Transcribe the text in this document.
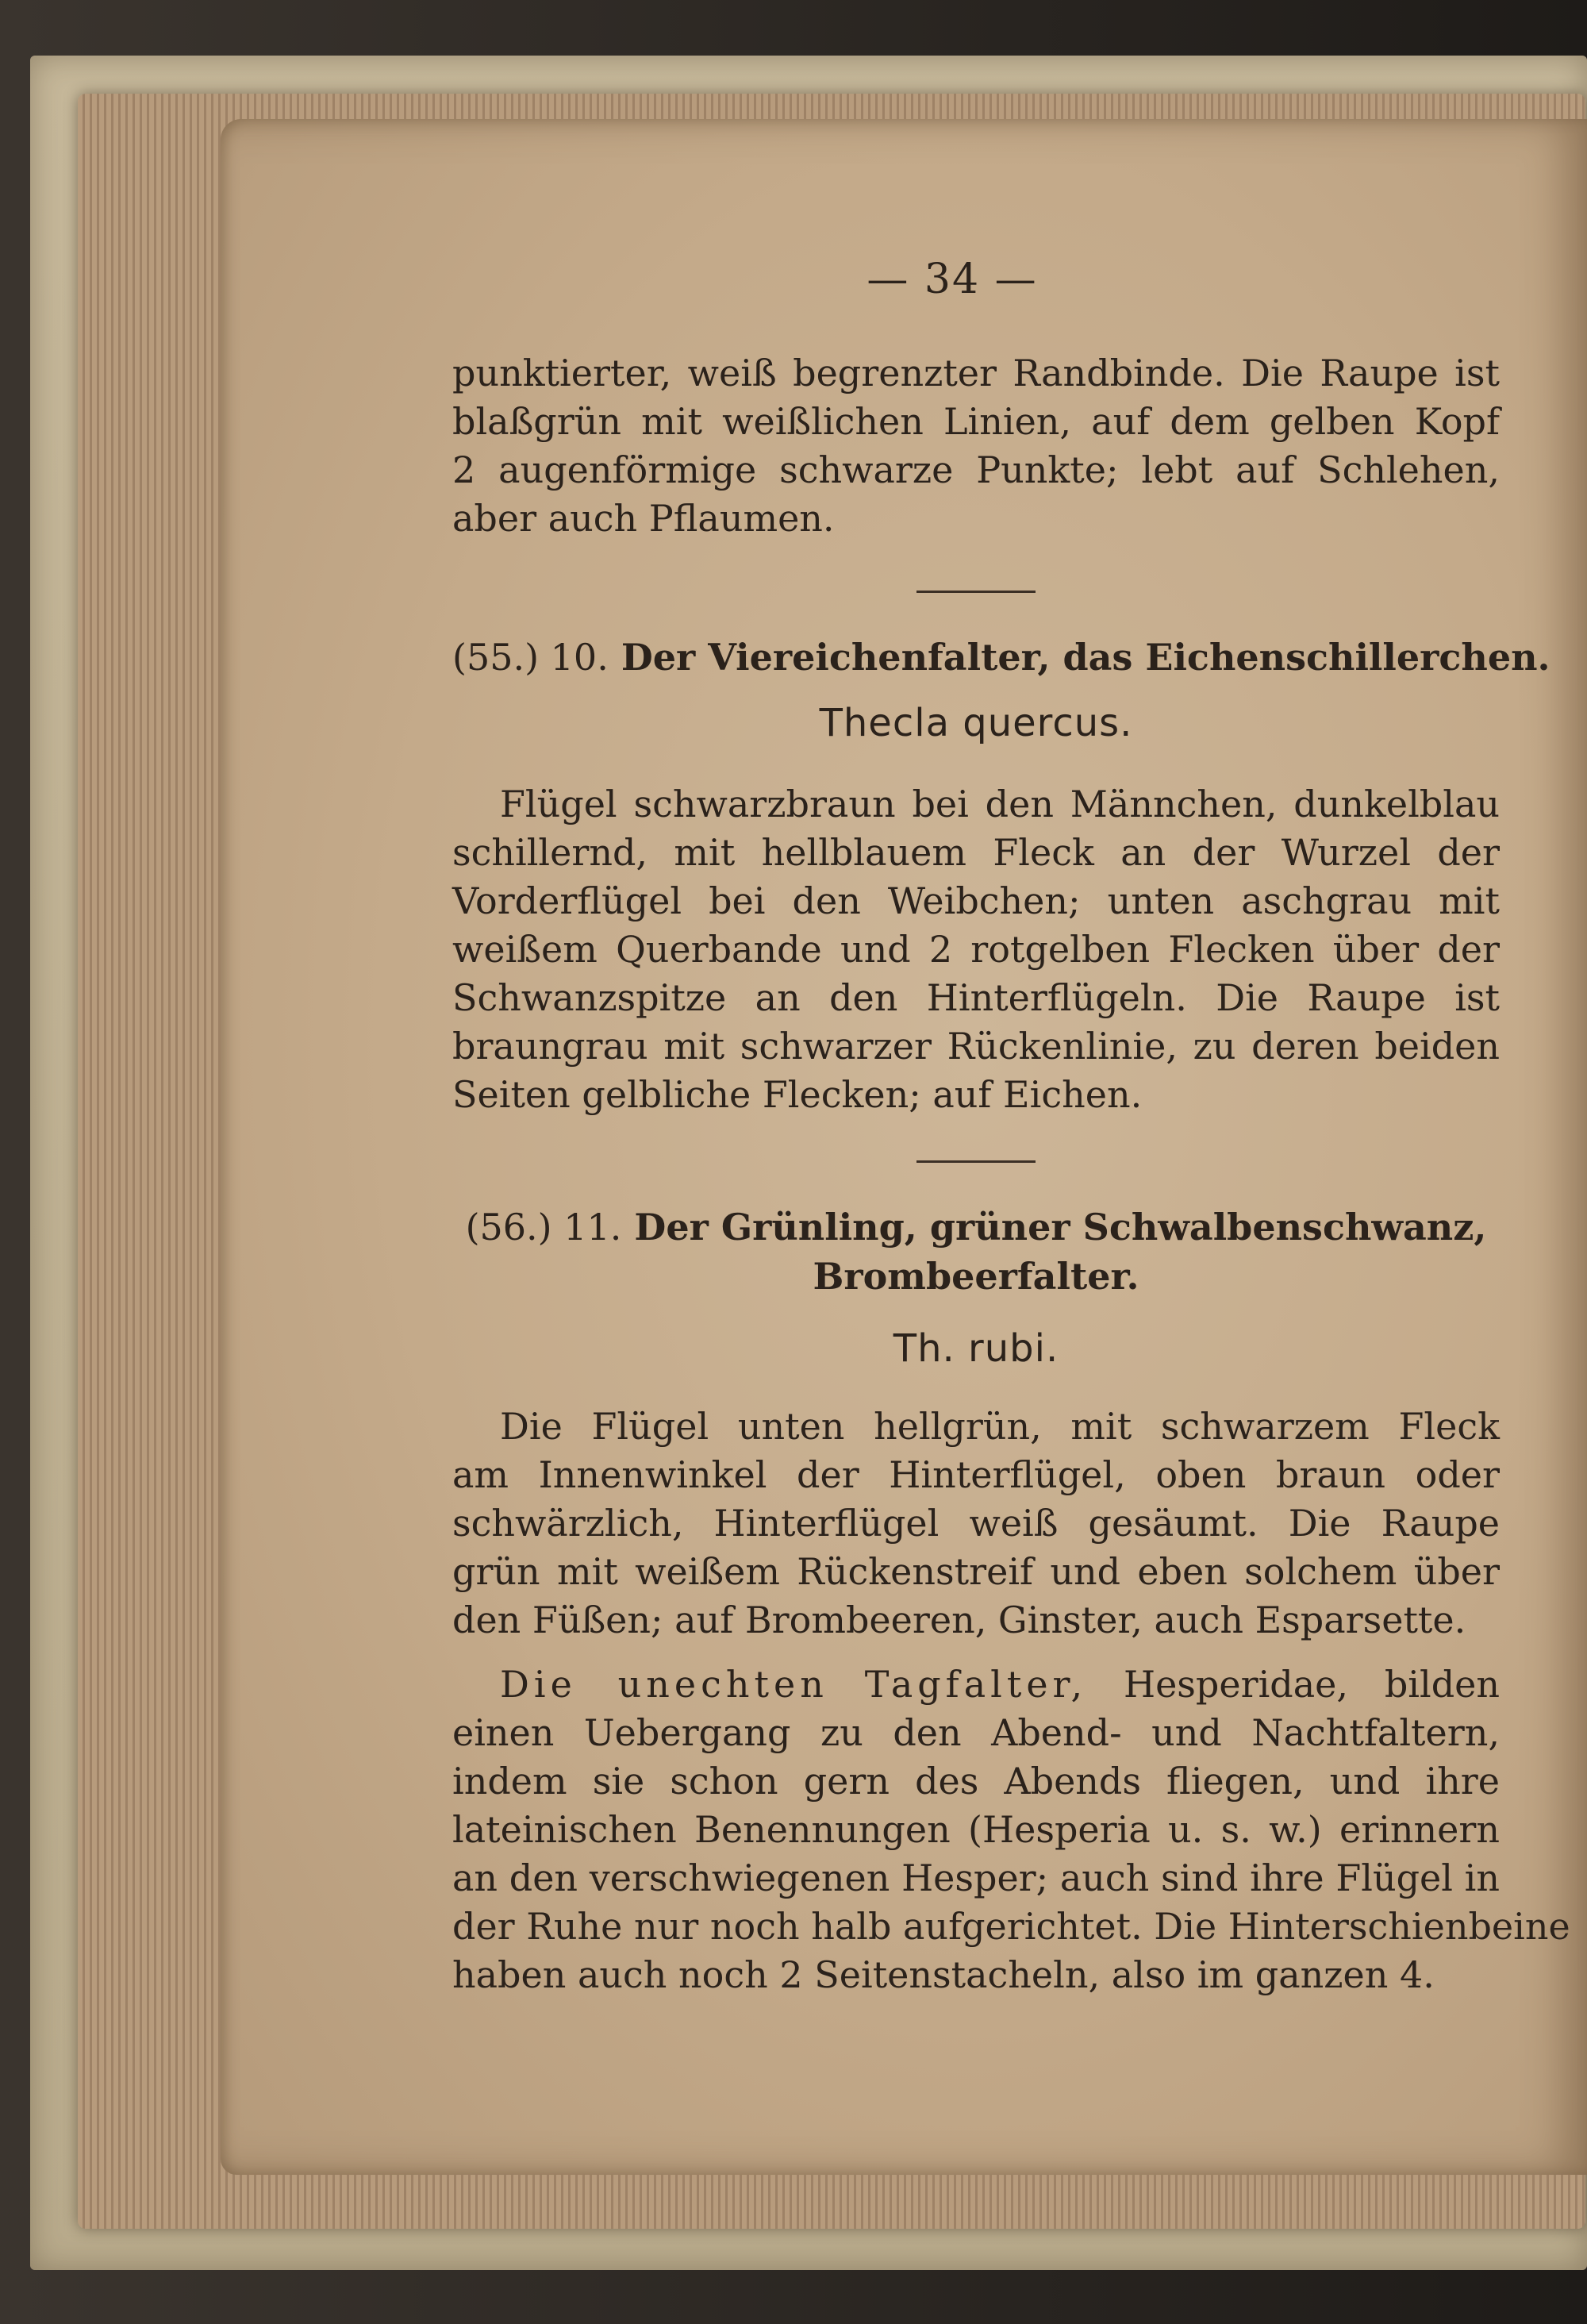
— 34 —

punktierter, weiß begrenzter Randbinde. Die Raupe ist

blaßgrün mit weißlichen Linien, auf dem gelben Kopf

2 augenförmige schwarze Punkte; lebt auf Schlehen,

aber auch Pflaumen.

(55.) 10. Der Viereichenfalter, das Eichenschillerchen.
Thecla quercus.

Flügel schwarzbraun bei den Männchen, dunkelblau

schillernd, mit hellblauem Fleck an der Wurzel der

Vorderflügel bei den Weibchen; unten aschgrau mit

weißem Querbande und 2 rotgelben Flecken über der

Schwanzspitze an den Hinterflügeln. Die Raupe ist

braungrau mit schwarzer Rückenlinie, zu deren beiden

Seiten gelbliche Flecken; auf Eichen.

(56.) 11. Der Grünling, grüner Schwalbenschwanz,
Brombeerfalter.
Th. rubi.

Die Flügel unten hellgrün, mit schwarzem Fleck

am Innenwinkel der Hinterflügel, oben braun oder

schwärzlich, Hinterflügel weiß gesäumt. Die Raupe

grün mit weißem Rückenstreif und eben solchem über

den Füßen; auf Brombeeren, Ginster, auch Esparsette.

Die unechten Tagfalter, Hesperidae, bilden

einen Uebergang zu den Abend- und Nachtfaltern,

indem sie schon gern des Abends fliegen, und ihre

lateinischen Benennungen (Hesperia u. s. w.) erinnern

an den verschwiegenen Hesper; auch sind ihre Flügel in

der Ruhe nur noch halb aufgerichtet. Die Hinterschienbeine

haben auch noch 2 Seitenstacheln, also im ganzen 4.
